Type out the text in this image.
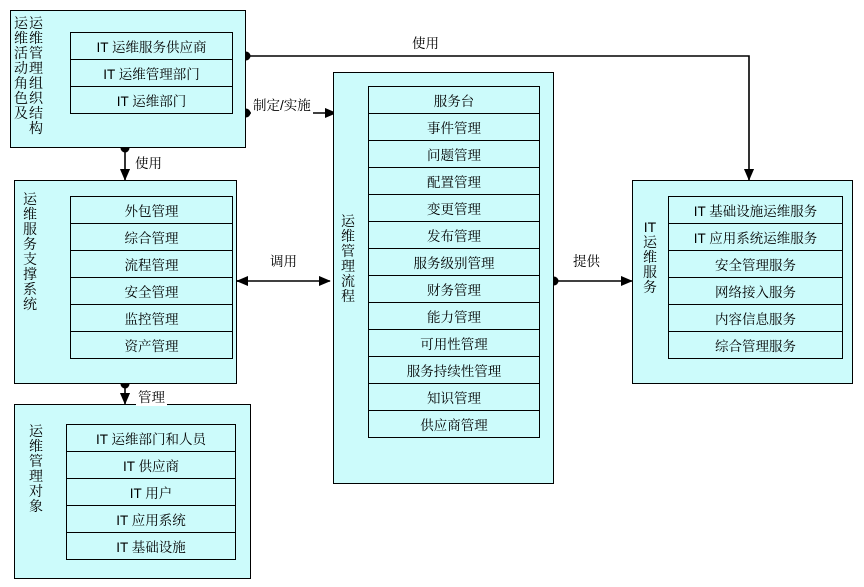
运维管理组织结构
运维活动角色及
IT 运维服务供应商
IT 运维管理部门
IT 运维部门
运维服务支撑系统
外包管理
综合管理
流程管理
安全管理
监控管理
资产管理
运维管理对象
IT 运维部门和人员
IT 供应商
IT 用户
IT 应用系统
IT 基础设施
运维管理流程
服务台
事件管理
问题管理
配置管理
变更管理
发布管理
服务级别管理
财务管理
能力管理
可用性管理
服务持续性管理
知识管理
供应商管理
IT 运维服务
IT 基础设施运维服务
IT 应用系统运维服务
安全管理服务
网络接入服务
内容信息服务
综合管理服务
使用
制定/实施
使用
调用	提供
管理
